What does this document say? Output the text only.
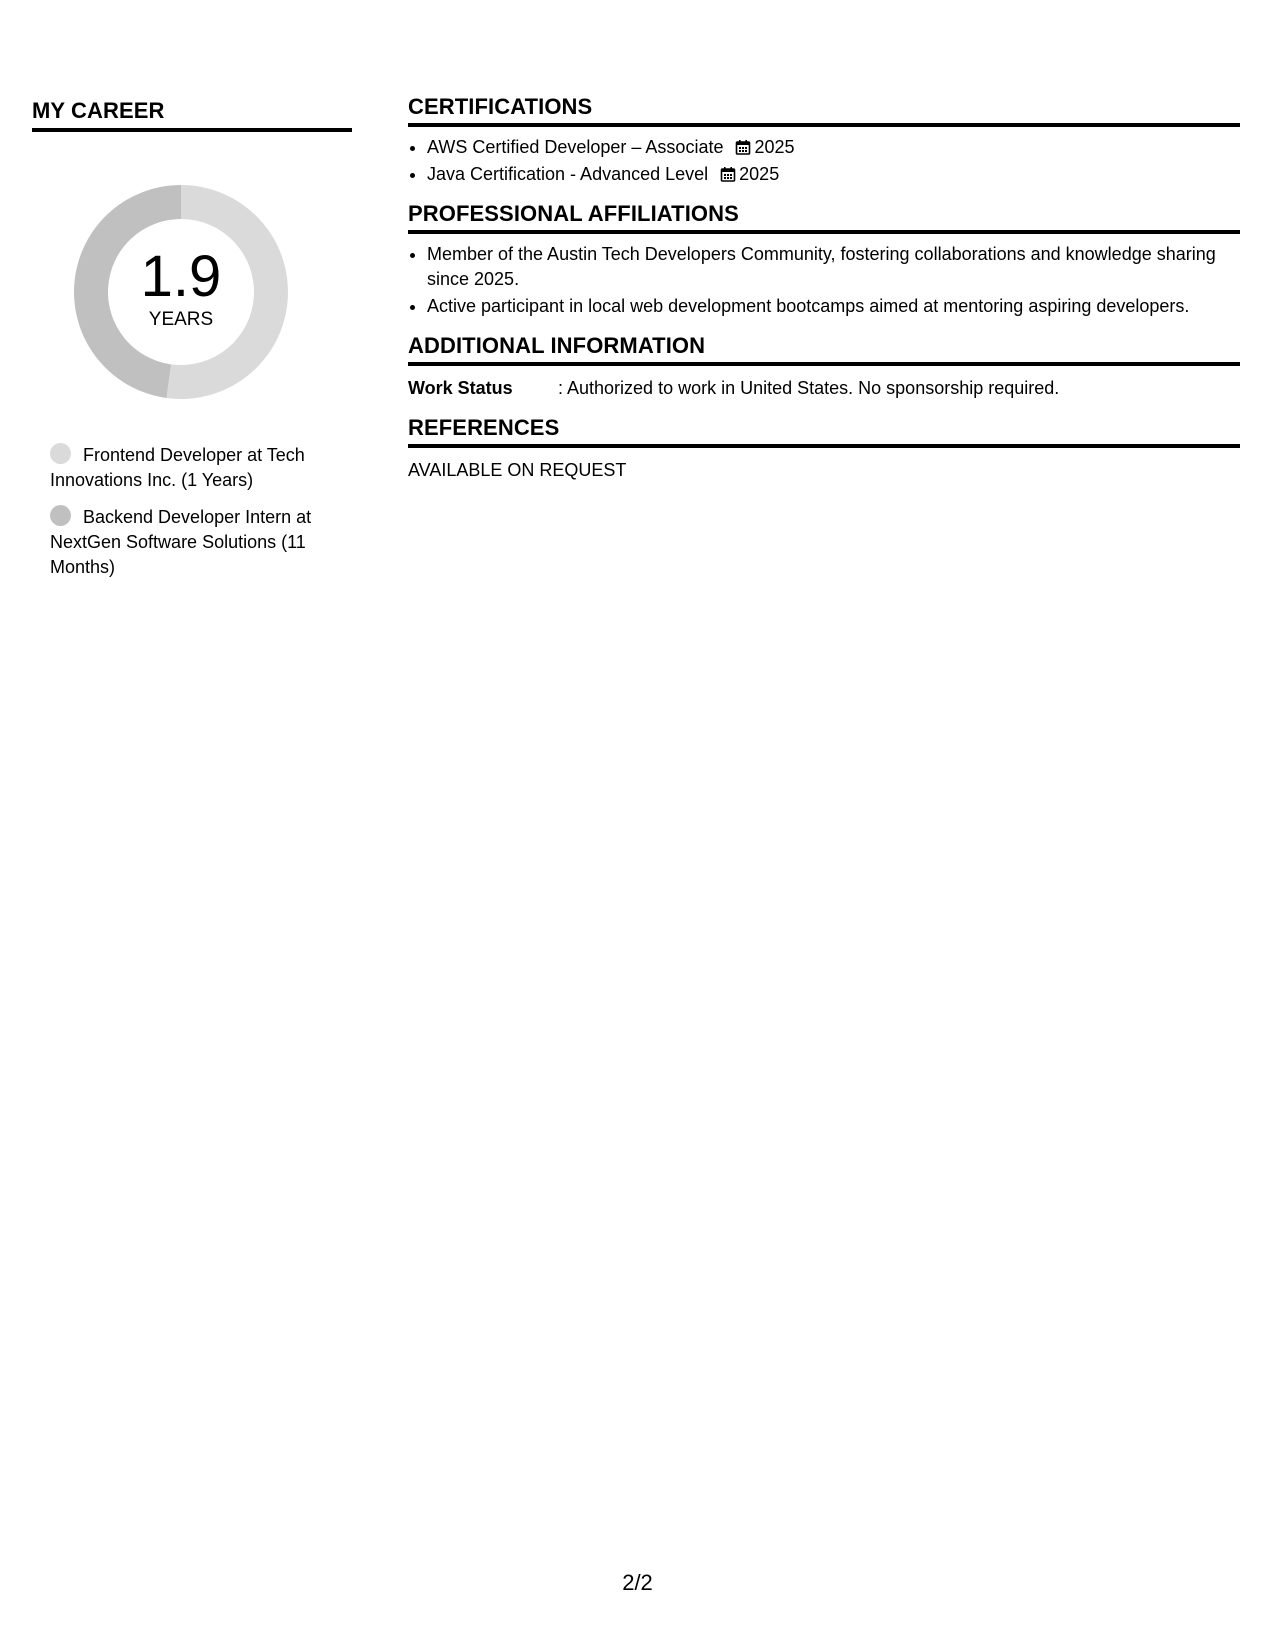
MY CAREER
1.9
YEARS
Frontend Developer at Tech Innovations Inc. (1 Years)
Backend Developer Intern at NextGen Software Solutions (11 Months)
CERTIFICATIONS
• AWS Certified Developer – Associate 2025
• Java Certification - Advanced Level 2025
PROFESSIONAL AFFILIATIONS
• Member of the Austin Tech Developers Community, fostering collaborations and knowledge sharing since 2025.
• Active participant in local web development bootcamps aimed at mentoring aspiring developers.
ADDITIONAL INFORMATION
Work Status	: Authorized to work in United States. No sponsorship required.
REFERENCES
AVAILABLE ON REQUEST
2/2
